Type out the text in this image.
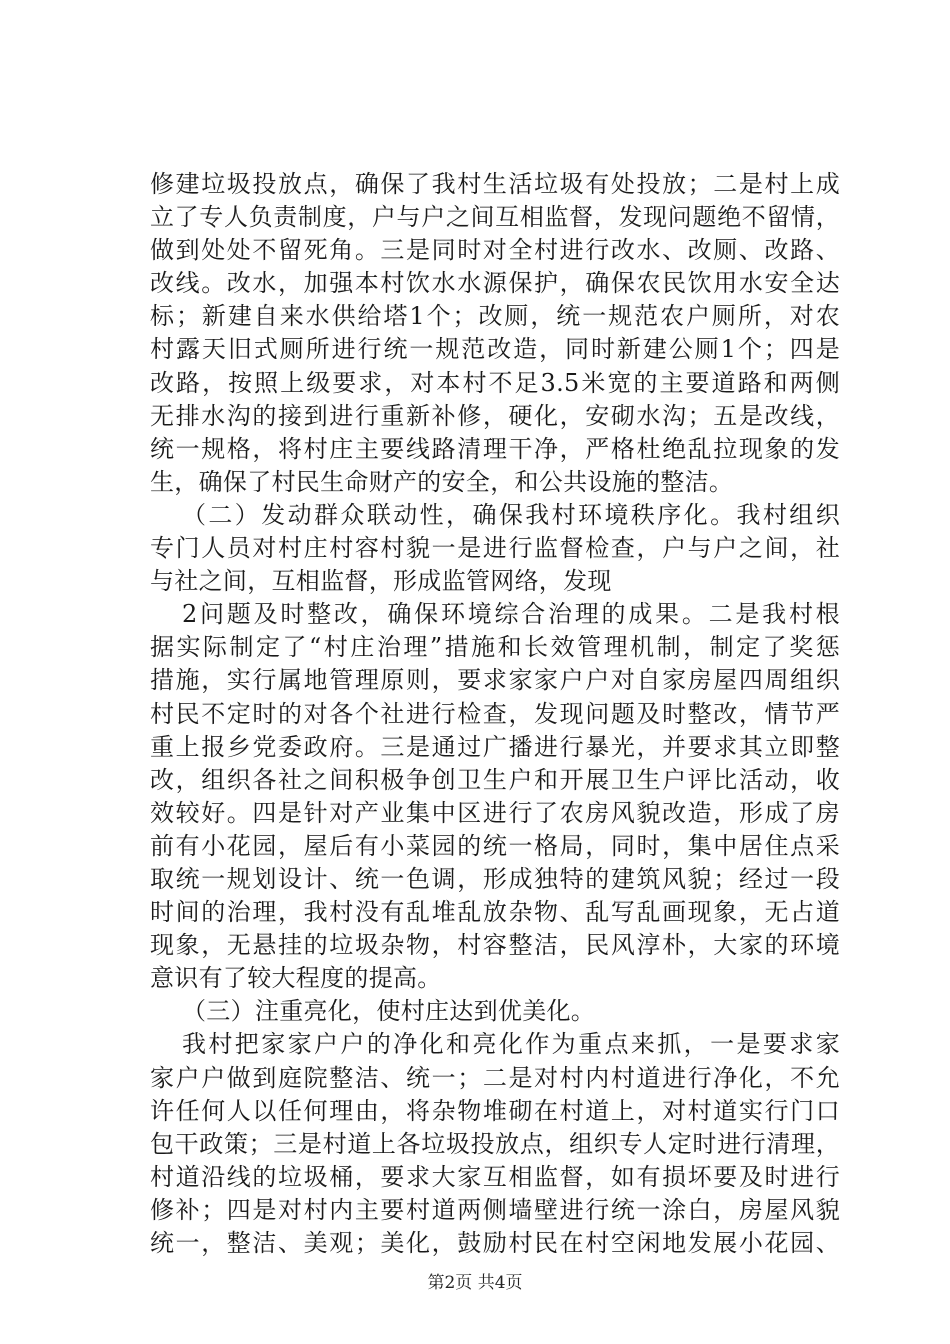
修建垃圾投放点，确保了我村生活垃圾有处投放；二是村上成
立了专人负责制度，户与户之间互相监督，发现问题绝不留情，
做到处处不留死角。三是同时对全村进行改水、改厕、改路、
改线。改水，加强本村饮水水源保护，确保农民饮用水安全达
标；新建自来水供给塔1个；改厕，统一规范农户厕所，对农
村露天旧式厕所进行统一规范改造，同时新建公厕1个；四是
改路，按照上级要求，对本村不足3.5米宽的主要道路和两侧
无排水沟的接到进行重新补修，硬化，安砌水沟；五是改线，
统一规格，将村庄主要线路清理干净，严格杜绝乱拉现象的发
生，确保了村民生命财产的安全，和公共设施的整洁。
（二）发动群众联动性，确保我村环境秩序化。我村组织
专门人员对村庄村容村貌一是进行监督检查，户与户之间，社
与社之间，互相监督，形成监管网络，发现
2问题及时整改，确保环境综合治理的成果。二是我村根
据实际制定了“村庄治理”措施和长效管理机制，制定了奖惩
措施，实行属地管理原则，要求家家户户对自家房屋四周组织
村民不定时的对各个社进行检查，发现问题及时整改，情节严
重上报乡党委政府。三是通过广播进行暴光，并要求其立即整
改，组织各社之间积极争创卫生户和开展卫生户评比活动，收
效较好。四是针对产业集中区进行了农房风貌改造，形成了房
前有小花园，屋后有小菜园的统一格局，同时，集中居住点采
取统一规划设计、统一色调，形成独特的建筑风貌；经过一段
时间的治理，我村没有乱堆乱放杂物、乱写乱画现象，无占道
现象，无悬挂的垃圾杂物，村容整洁，民风淳朴，大家的环境
意识有了较大程度的提高。
（三）注重亮化，使村庄达到优美化。
我村把家家户户的净化和亮化作为重点来抓，一是要求家
家户户做到庭院整洁、统一；二是对村内村道进行净化，不允
许任何人以任何理由，将杂物堆砌在村道上，对村道实行门口
包干政策；三是村道上各垃圾投放点，组织专人定时进行清理，
村道沿线的垃圾桶，要求大家互相监督，如有损坏要及时进行
修补；四是对村内主要村道两侧墙壁进行统一涂白，房屋风貌
统一，整洁、美观；美化，鼓励村民在村空闲地发展小花园、
第2页 共4页
